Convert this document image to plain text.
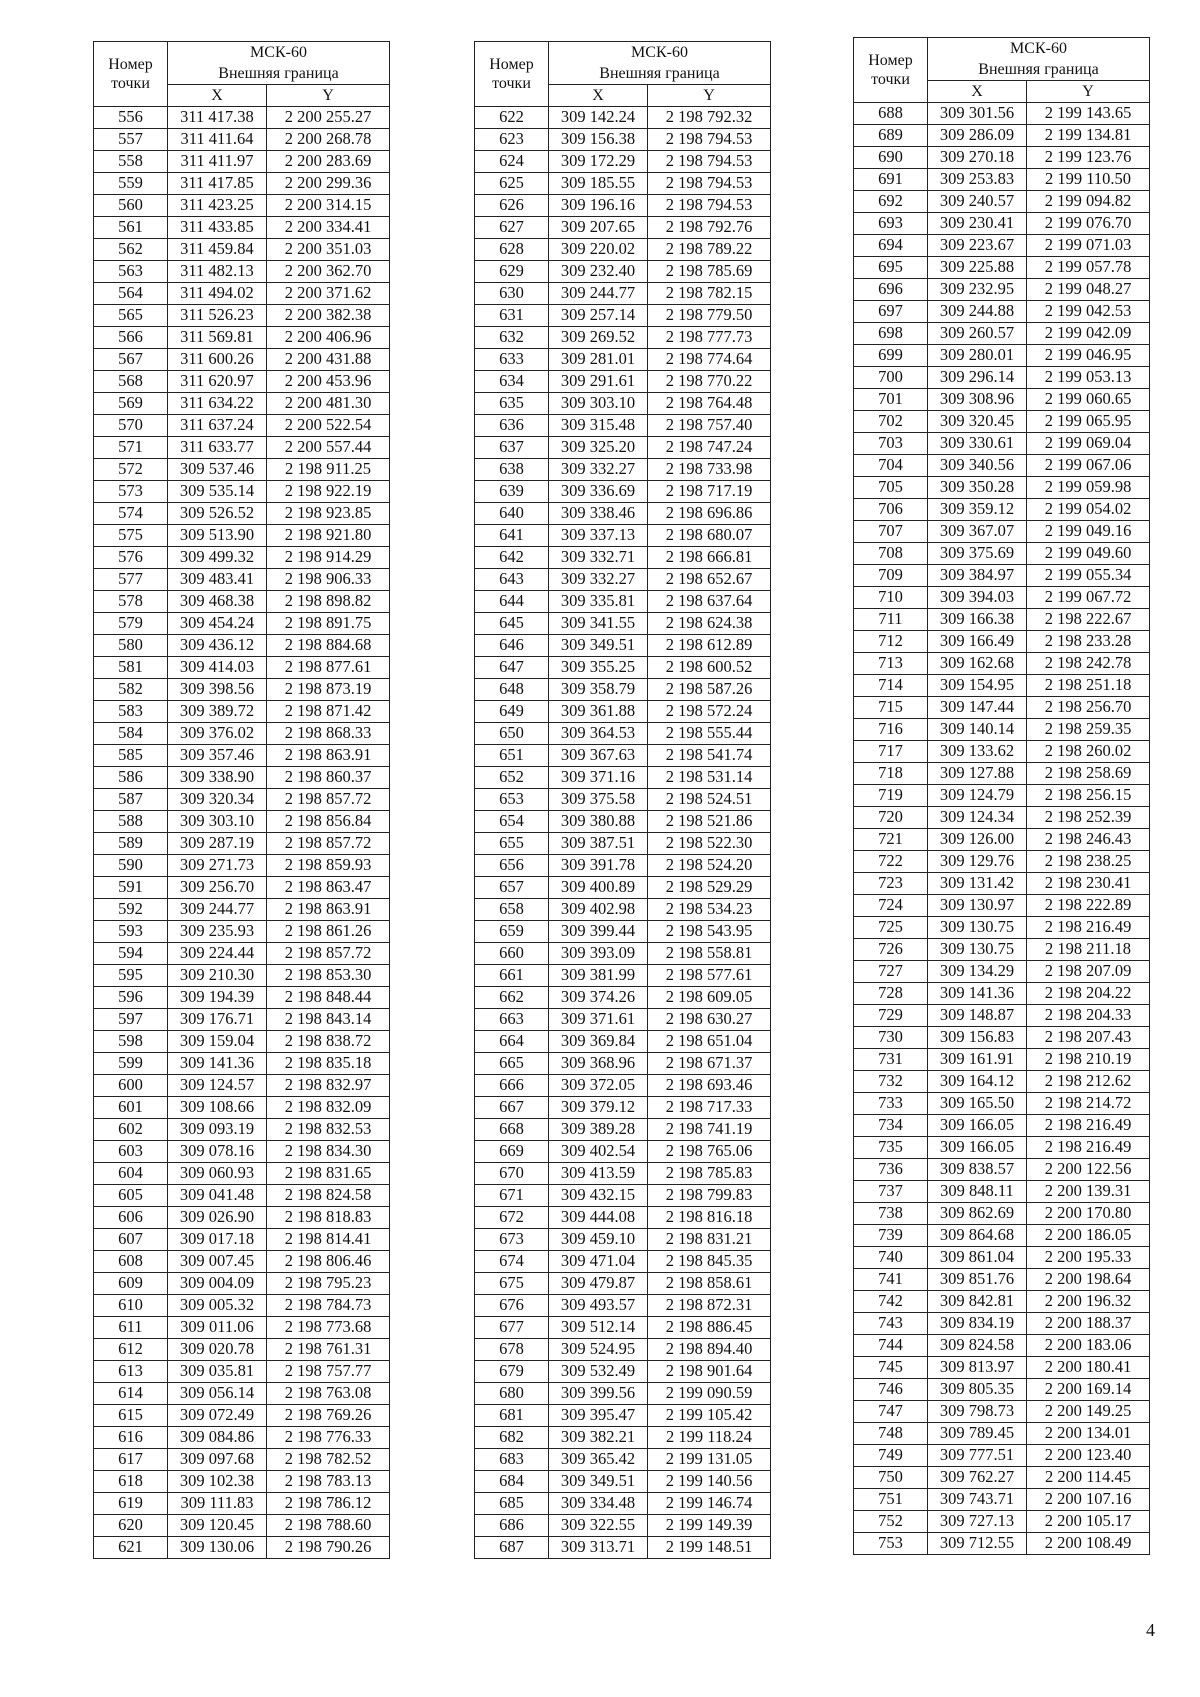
Номер
точки	МСК-60	
	Внешняя граница	
	X	Y
556	311 417.38	2 200 255.27
557	311 411.64	2 200 268.78
558	311 411.97	2 200 283.69
559	311 417.85	2 200 299.36
560	311 423.25	2 200 314.15
561	311 433.85	2 200 334.41
562	311 459.84	2 200 351.03
563	311 482.13	2 200 362.70
564	311 494.02	2 200 371.62
565	311 526.23	2 200 382.38
566	311 569.81	2 200 406.96
567	311 600.26	2 200 431.88
568	311 620.97	2 200 453.96
569	311 634.22	2 200 481.30
570	311 637.24	2 200 522.54
571	311 633.77	2 200 557.44
572	309 537.46	2 198 911.25
573	309 535.14	2 198 922.19
574	309 526.52	2 198 923.85
575	309 513.90	2 198 921.80
576	309 499.32	2 198 914.29
577	309 483.41	2 198 906.33
578	309 468.38	2 198 898.82
579	309 454.24	2 198 891.75
580	309 436.12	2 198 884.68
581	309 414.03	2 198 877.61
582	309 398.56	2 198 873.19
583	309 389.72	2 198 871.42
584	309 376.02	2 198 868.33
585	309 357.46	2 198 863.91
586	309 338.90	2 198 860.37
587	309 320.34	2 198 857.72
588	309 303.10	2 198 856.84
589	309 287.19	2 198 857.72
590	309 271.73	2 198 859.93
591	309 256.70	2 198 863.47
592	309 244.77	2 198 863.91
593	309 235.93	2 198 861.26
594	309 224.44	2 198 857.72
595	309 210.30	2 198 853.30
596	309 194.39	2 198 848.44
597	309 176.71	2 198 843.14
598	309 159.04	2 198 838.72
599	309 141.36	2 198 835.18
600	309 124.57	2 198 832.97
601	309 108.66	2 198 832.09
602	309 093.19	2 198 832.53
603	309 078.16	2 198 834.30
604	309 060.93	2 198 831.65
605	309 041.48	2 198 824.58
606	309 026.90	2 198 818.83
607	309 017.18	2 198 814.41
608	309 007.45	2 198 806.46
609	309 004.09	2 198 795.23
610	309 005.32	2 198 784.73
611	309 011.06	2 198 773.68
612	309 020.78	2 198 761.31
613	309 035.81	2 198 757.77
614	309 056.14	2 198 763.08
615	309 072.49	2 198 769.26
616	309 084.86	2 198 776.33
617	309 097.68	2 198 782.52
618	309 102.38	2 198 783.13
619	309 111.83	2 198 786.12
620	309 120.45	2 198 788.60
621	309 130.06	2 198 790.26
Номер
точки	МСК-60	
	Внешняя граница	
	X	Y
622	309 142.24	2 198 792.32
623	309 156.38	2 198 794.53
624	309 172.29	2 198 794.53
625	309 185.55	2 198 794.53
626	309 196.16	2 198 794.53
627	309 207.65	2 198 792.76
628	309 220.02	2 198 789.22
629	309 232.40	2 198 785.69
630	309 244.77	2 198 782.15
631	309 257.14	2 198 779.50
632	309 269.52	2 198 777.73
633	309 281.01	2 198 774.64
634	309 291.61	2 198 770.22
635	309 303.10	2 198 764.48
636	309 315.48	2 198 757.40
637	309 325.20	2 198 747.24
638	309 332.27	2 198 733.98
639	309 336.69	2 198 717.19
640	309 338.46	2 198 696.86
641	309 337.13	2 198 680.07
642	309 332.71	2 198 666.81
643	309 332.27	2 198 652.67
644	309 335.81	2 198 637.64
645	309 341.55	2 198 624.38
646	309 349.51	2 198 612.89
647	309 355.25	2 198 600.52
648	309 358.79	2 198 587.26
649	309 361.88	2 198 572.24
650	309 364.53	2 198 555.44
651	309 367.63	2 198 541.74
652	309 371.16	2 198 531.14
653	309 375.58	2 198 524.51
654	309 380.88	2 198 521.86
655	309 387.51	2 198 522.30
656	309 391.78	2 198 524.20
657	309 400.89	2 198 529.29
658	309 402.98	2 198 534.23
659	309 399.44	2 198 543.95
660	309 393.09	2 198 558.81
661	309 381.99	2 198 577.61
662	309 374.26	2 198 609.05
663	309 371.61	2 198 630.27
664	309 369.84	2 198 651.04
665	309 368.96	2 198 671.37
666	309 372.05	2 198 693.46
667	309 379.12	2 198 717.33
668	309 389.28	2 198 741.19
669	309 402.54	2 198 765.06
670	309 413.59	2 198 785.83
671	309 432.15	2 198 799.83
672	309 444.08	2 198 816.18
673	309 459.10	2 198 831.21
674	309 471.04	2 198 845.35
675	309 479.87	2 198 858.61
676	309 493.57	2 198 872.31
677	309 512.14	2 198 886.45
678	309 524.95	2 198 894.40
679	309 532.49	2 198 901.64
680	309 399.56	2 199 090.59
681	309 395.47	2 199 105.42
682	309 382.21	2 199 118.24
683	309 365.42	2 199 131.05
684	309 349.51	2 199 140.56
685	309 334.48	2 199 146.74
686	309 322.55	2 199 149.39
687	309 313.71	2 199 148.51
Номер
точки	МСК-60	
	Внешняя граница	
	X	Y
688	309 301.56	2 199 143.65
689	309 286.09	2 199 134.81
690	309 270.18	2 199 123.76
691	309 253.83	2 199 110.50
692	309 240.57	2 199 094.82
693	309 230.41	2 199 076.70
694	309 223.67	2 199 071.03
695	309 225.88	2 199 057.78
696	309 232.95	2 199 048.27
697	309 244.88	2 199 042.53
698	309 260.57	2 199 042.09
699	309 280.01	2 199 046.95
700	309 296.14	2 199 053.13
701	309 308.96	2 199 060.65
702	309 320.45	2 199 065.95
703	309 330.61	2 199 069.04
704	309 340.56	2 199 067.06
705	309 350.28	2 199 059.98
706	309 359.12	2 199 054.02
707	309 367.07	2 199 049.16
708	309 375.69	2 199 049.60
709	309 384.97	2 199 055.34
710	309 394.03	2 199 067.72
711	309 166.38	2 198 222.67
712	309 166.49	2 198 233.28
713	309 162.68	2 198 242.78
714	309 154.95	2 198 251.18
715	309 147.44	2 198 256.70
716	309 140.14	2 198 259.35
717	309 133.62	2 198 260.02
718	309 127.88	2 198 258.69
719	309 124.79	2 198 256.15
720	309 124.34	2 198 252.39
721	309 126.00	2 198 246.43
722	309 129.76	2 198 238.25
723	309 131.42	2 198 230.41
724	309 130.97	2 198 222.89
725	309 130.75	2 198 216.49
726	309 130.75	2 198 211.18
727	309 134.29	2 198 207.09
728	309 141.36	2 198 204.22
729	309 148.87	2 198 204.33
730	309 156.83	2 198 207.43
731	309 161.91	2 198 210.19
732	309 164.12	2 198 212.62
733	309 165.50	2 198 214.72
734	309 166.05	2 198 216.49
735	309 166.05	2 198 216.49
736	309 838.57	2 200 122.56
737	309 848.11	2 200 139.31
738	309 862.69	2 200 170.80
739	309 864.68	2 200 186.05
740	309 861.04	2 200 195.33
741	309 851.76	2 200 198.64
742	309 842.81	2 200 196.32
743	309 834.19	2 200 188.37
744	309 824.58	2 200 183.06
745	309 813.97	2 200 180.41
746	309 805.35	2 200 169.14
747	309 798.73	2 200 149.25
748	309 789.45	2 200 134.01
749	309 777.51	2 200 123.40
750	309 762.27	2 200 114.45
751	309 743.71	2 200 107.16
752	309 727.13	2 200 105.17
753	309 712.55	2 200 108.49
4
